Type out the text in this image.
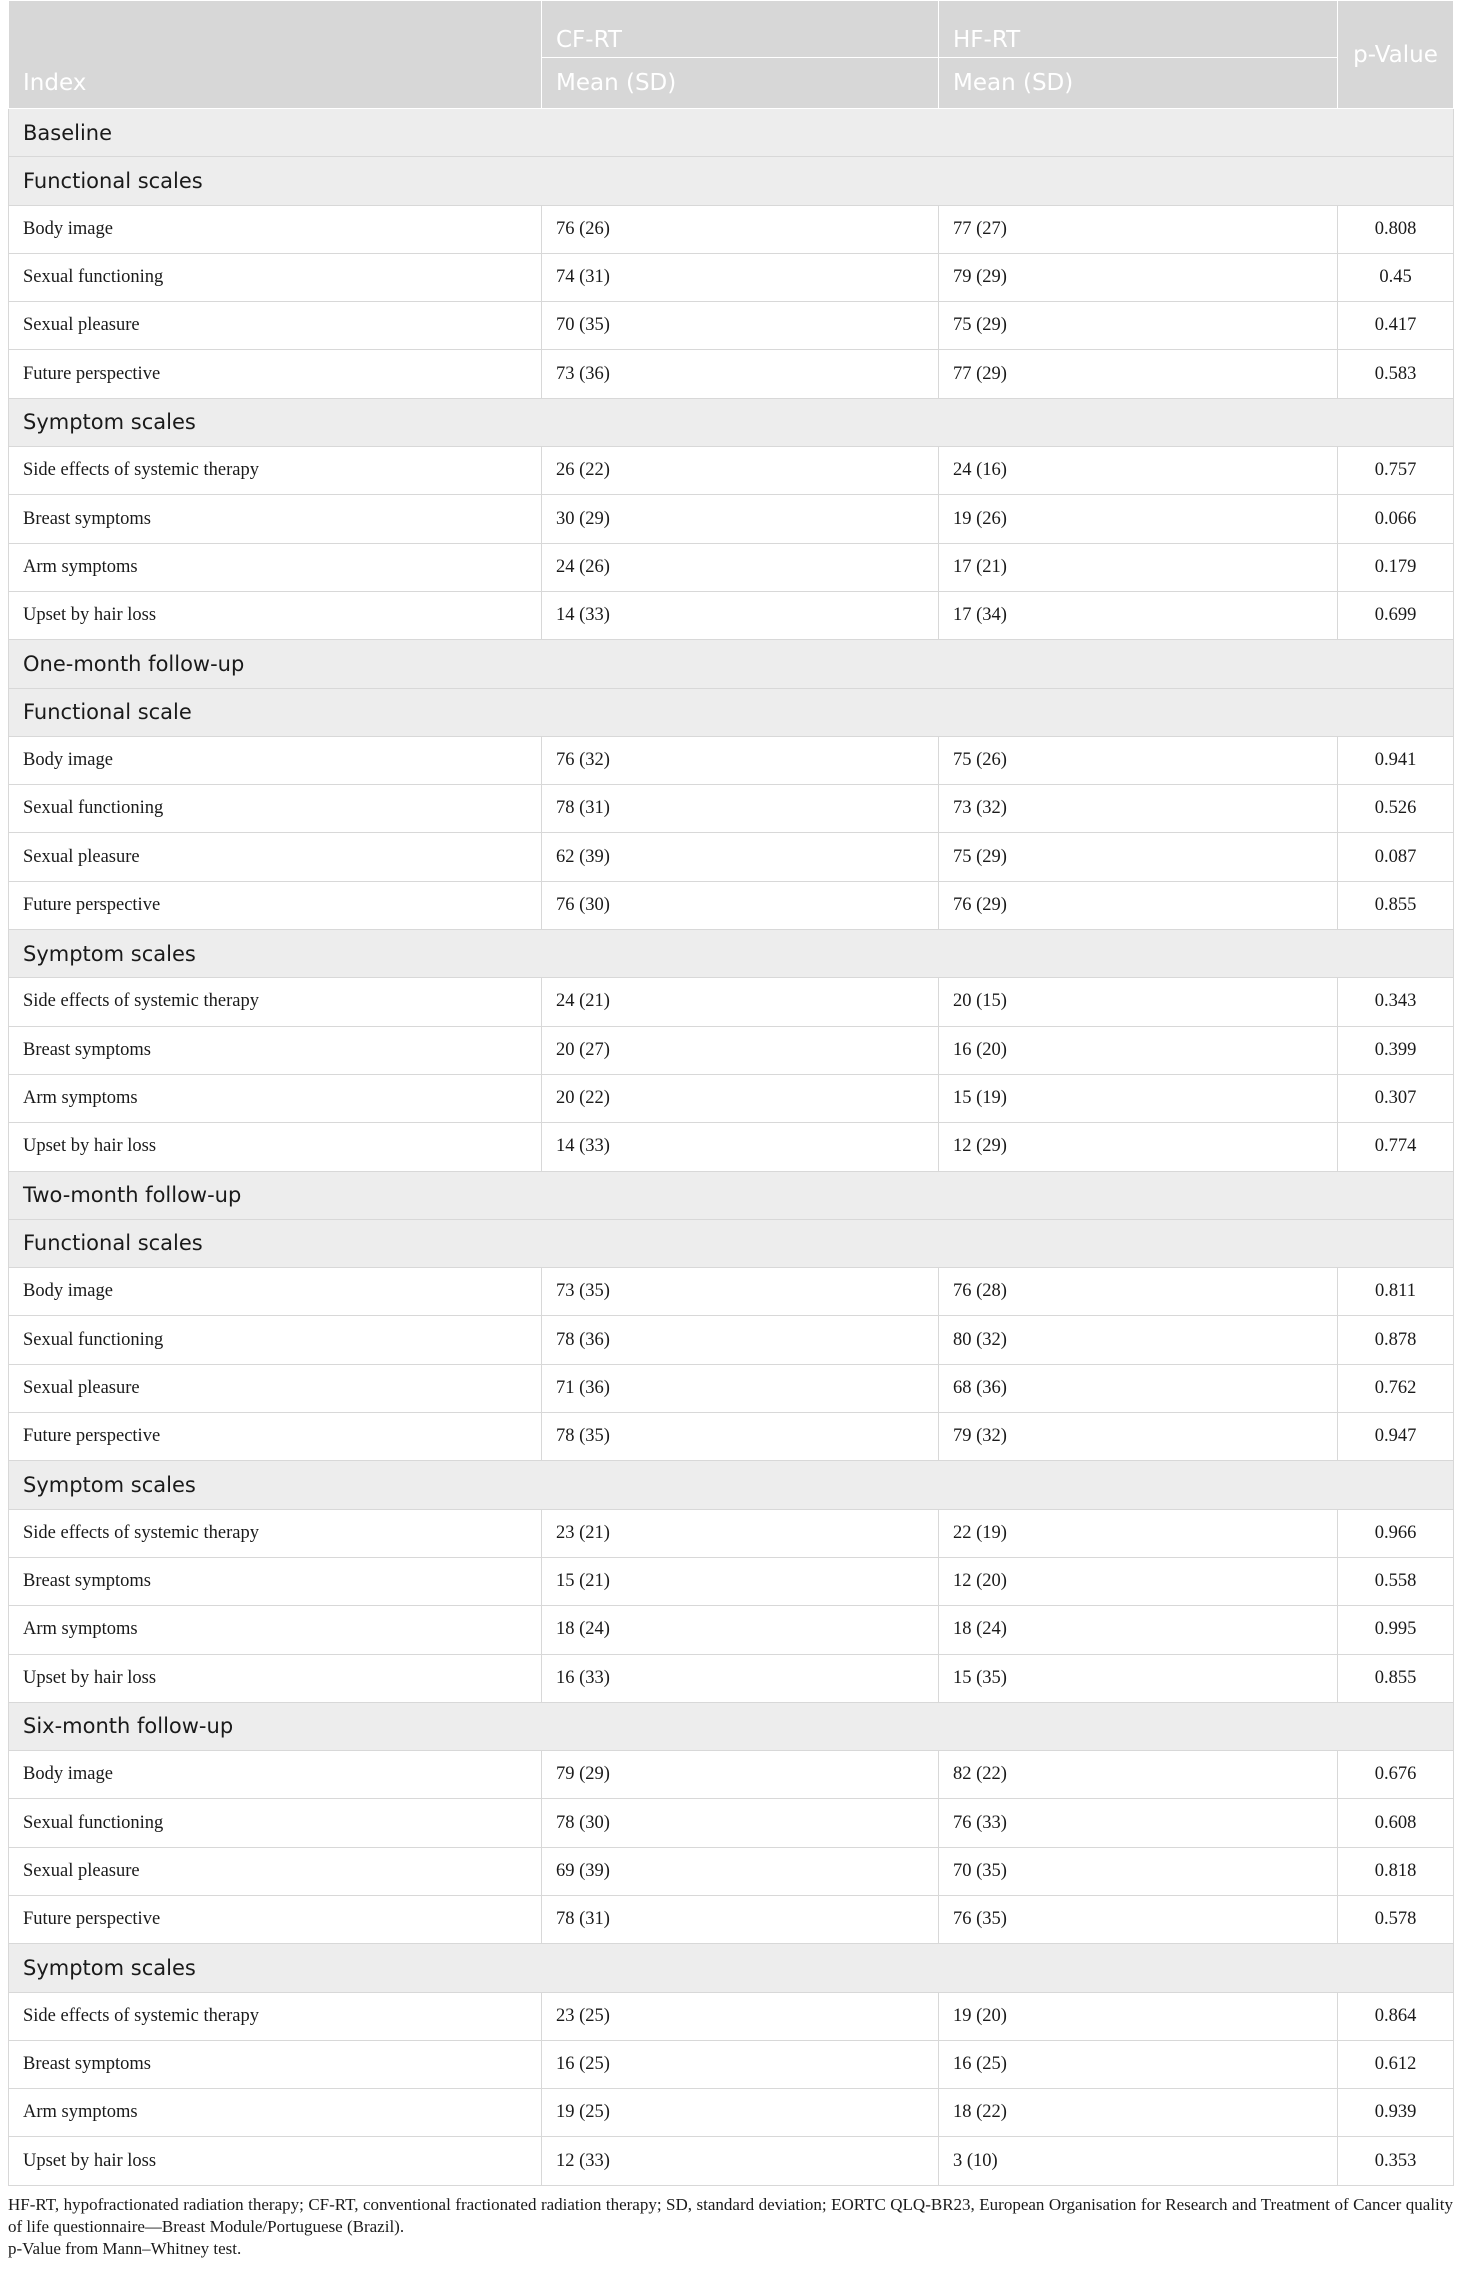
Index	CF-RT	HF-RT	p-Value
	Mean (SD)	Mean (SD)	
Baseline			
Functional scales			
Body image	76 (26)	77 (27)	0.808
Sexual functioning	74 (31)	79 (29)	0.45
Sexual pleasure	70 (35)	75 (29)	0.417
Future perspective	73 (36)	77 (29)	0.583
Symptom scales			
Side effects of systemic therapy	26 (22)	24 (16)	0.757
Breast symptoms	30 (29)	19 (26)	0.066
Arm symptoms	24 (26)	17 (21)	0.179
Upset by hair loss	14 (33)	17 (34)	0.699
One-month follow-up			
Functional scale			
Body image	76 (32)	75 (26)	0.941
Sexual functioning	78 (31)	73 (32)	0.526
Sexual pleasure	62 (39)	75 (29)	0.087
Future perspective	76 (30)	76 (29)	0.855
Symptom scales			
Side effects of systemic therapy	24 (21)	20 (15)	0.343
Breast symptoms	20 (27)	16 (20)	0.399
Arm symptoms	20 (22)	15 (19)	0.307
Upset by hair loss	14 (33)	12 (29)	0.774
Two-month follow-up			
Functional scales			
Body image	73 (35)	76 (28)	0.811
Sexual functioning	78 (36)	80 (32)	0.878
Sexual pleasure	71 (36)	68 (36)	0.762
Future perspective	78 (35)	79 (32)	0.947
Symptom scales			
Side effects of systemic therapy	23 (21)	22 (19)	0.966
Breast symptoms	15 (21)	12 (20)	0.558
Arm symptoms	18 (24)	18 (24)	0.995
Upset by hair loss	16 (33)	15 (35)	0.855
Six-month follow-up			
Body image	79 (29)	82 (22)	0.676
Sexual functioning	78 (30)	76 (33)	0.608
Sexual pleasure	69 (39)	70 (35)	0.818
Future perspective	78 (31)	76 (35)	0.578
Symptom scales			
Side effects of systemic therapy	23 (25)	19 (20)	0.864
Breast symptoms	16 (25)	16 (25)	0.612
Arm symptoms	19 (25)	18 (22)	0.939
Upset by hair loss	12 (33)	3 (10)	0.353

HF-RT, hypofractionated radiation therapy; CF-RT, conventional fractionated radiation therapy; SD, standard deviation; EORTC QLQ-BR23, European Organisation for Research and Treatment of Cancer quality of life questionnaire—Breast Module/Portuguese (Brazil).

p-Value from Mann–Whitney test.
